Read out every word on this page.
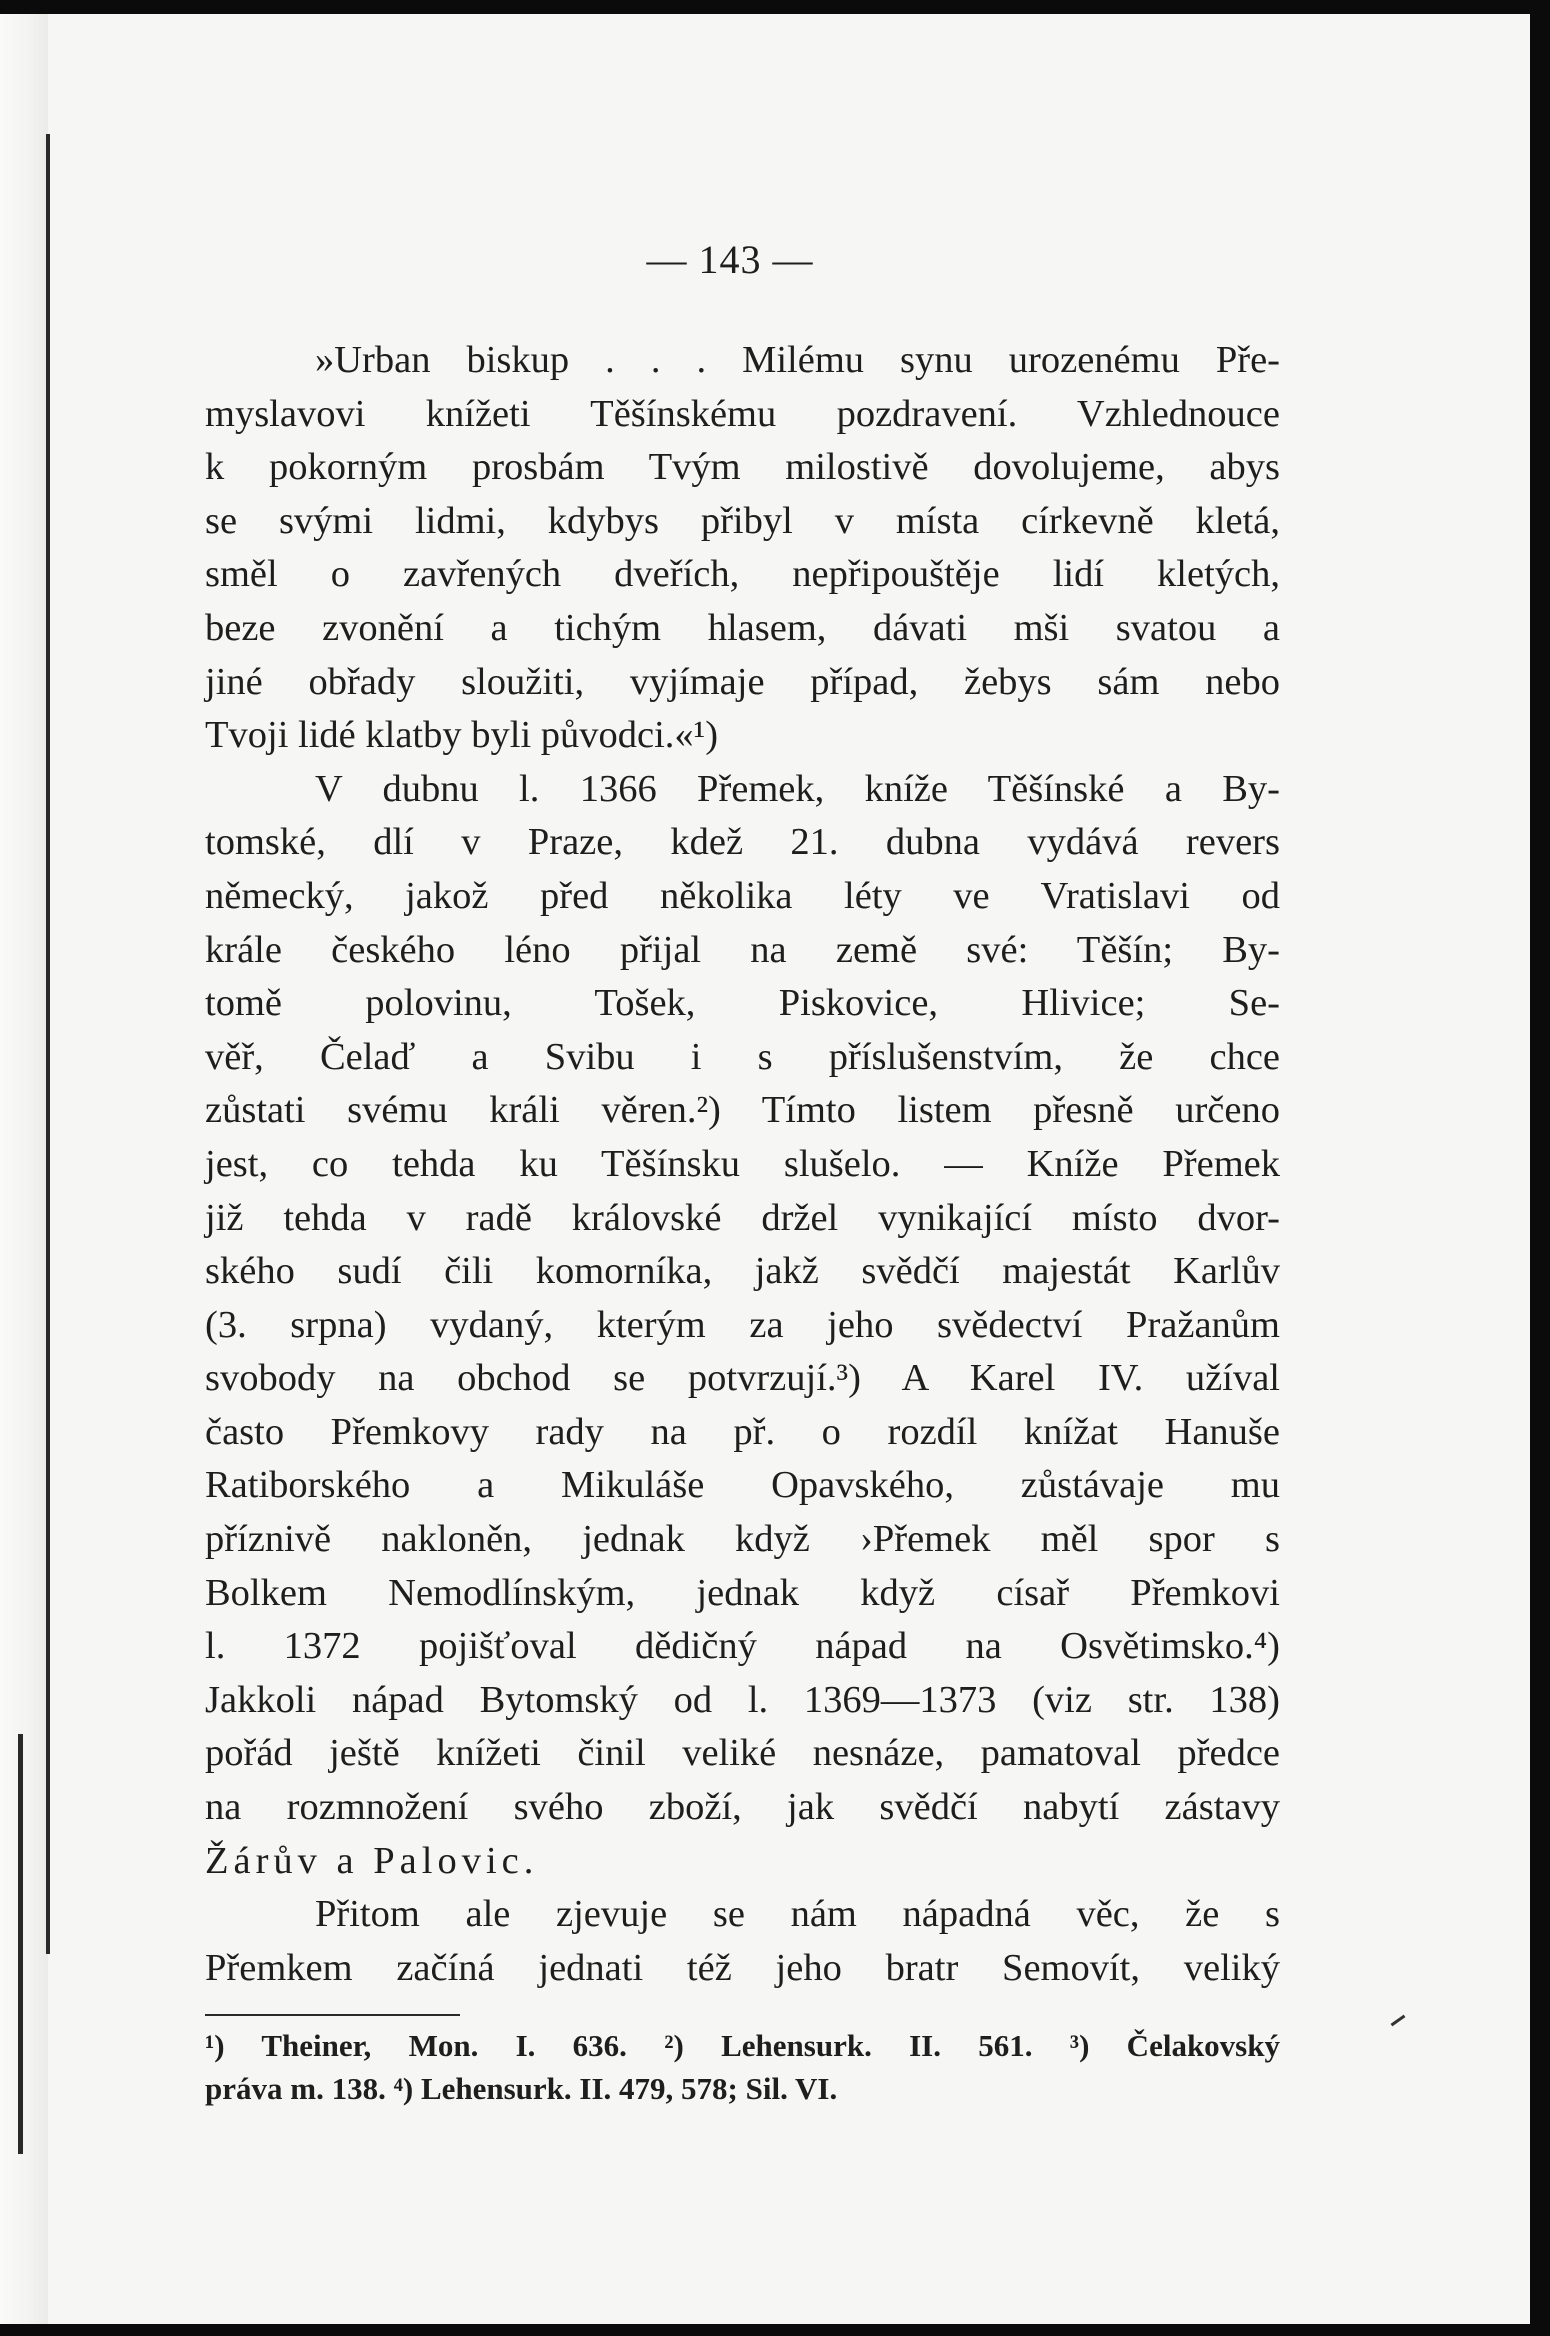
— 143 —
»Urban biskup . . . Milému synu urozenému Pře-
myslavovi knížeti Těšínskému pozdravení. Vzhlednouce
k pokorným prosbám Tvým milostivě dovolujeme, abys
se svými lidmi, kdybys přibyl v místa církevně kletá,
směl o zavřených dveřích, nepřipouštěje lidí kletých,
beze zvonění a tichým hlasem, dávati mši svatou a
jiné obřady sloužiti, vyjímaje případ, žebys sám nebo
Tvoji lidé klatby byli původci.«¹)
V dubnu l. 1366 Přemek, kníže Těšínské a By-
tomské, dlí v Praze, kdež 21. dubna vydává revers
německý, jakož před několika léty ve Vratislavi od
krále českého léno přijal na země své: Těšín; By-
tomě polovinu, Tošek, Piskovice, Hlivice; Se-
věř, Čelaď a Svibu i s příslušenstvím, že chce
zůstati svému králi věren.²) Tímto listem přesně určeno
jest, co tehda ku Těšínsku slušelo. — Kníže Přemek
již tehda v radě královské držel vynikající místo dvor-
ského sudí čili komorníka, jakž svědčí majestát Karlův
(3. srpna) vydaný, kterým za jeho svědectví Pražanům
svobody na obchod se potvrzují.³) A Karel IV. užíval
často Přemkovy rady na př. o rozdíl knížat Hanuše
Ratiborského a Mikuláše Opavského, zůstávaje mu
příznivě nakloněn, jednak když ›Přemek měl spor s
Bolkem Nemodlínským, jednak když císař Přemkovi
l. 1372 pojišťoval dědičný nápad na Osvětimsko.⁴)
Jakkoli nápad Bytomský od l. 1369—1373 (viz str. 138)
pořád ještě knížeti činil veliké nesnáze, pamatoval předce
na rozmnožení svého zboží, jak svědčí nabytí zástavy
Žárův a Palovic.
Přitom ale zjevuje se nám nápadná věc, že s
Přemkem začíná jednati též jeho bratr Semovít, veliký
¹) Theiner, Mon. I. 636. ²) Lehensurk. II. 561. ³) Čelakovský
práva m. 138. ⁴) Lehensurk. II. 479, 578; Sil. VI.
